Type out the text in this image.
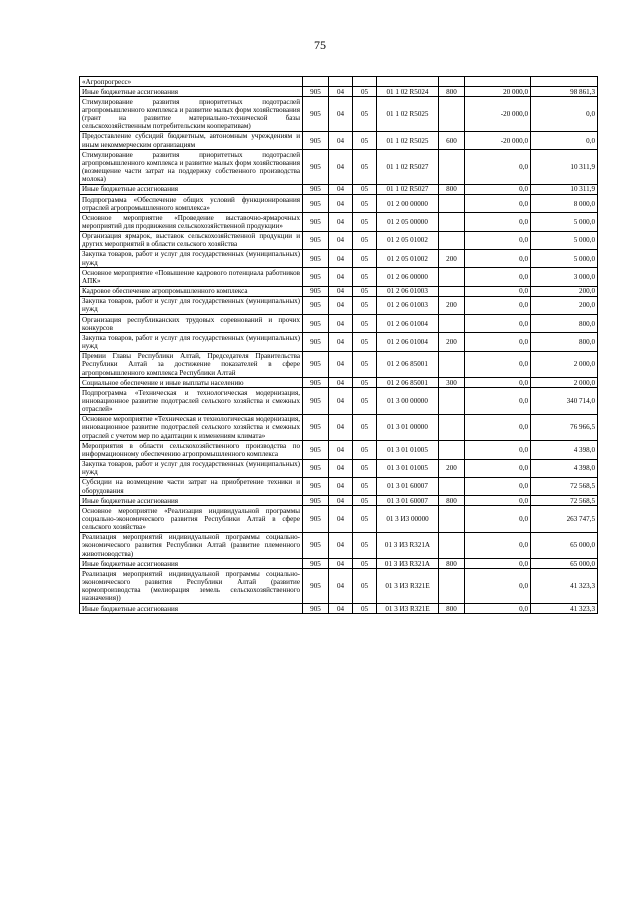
75
«Агропрогресс»							
Иные бюджетные ассигнования	905	04	05	01 1 02 R5024	800	20 000,0	98 861,3
Стимулирование развития приоритетных подотраслей агропромышленного комплекса и развитие малых форм хозяйствования (грант на развитие материально-технической базы сельскохозяйственным потребительским кооперативам)	905	04	05	01 1 02 R5025		-20 000,0	0,0
Предоставление субсидий бюджетным, автономным учреждениям и иным некоммерческим организациям	905	04	05	01 1 02 R5025	600	-20 000,0	0,0
Стимулирование развития приоритетных подотраслей агропромышленного комплекса и развитие малых форм хозяйствования (возмещение части затрат на поддержку собственного производства молока)	905	04	05	01 1 02 R5027		0,0	10 311,9
Иные бюджетные ассигнования	905	04	05	01 1 02 R5027	800	0,0	10 311,9
Подпрограмма «Обеспечение общих условий функционирования отраслей агропромышленного комплекса»	905	04	05	01 2 00 00000		0,0	8 000,0
Основное мероприятие «Проведение выставочно-ярмарочных мероприятий для продвижения сельскохозяйственной продукции»	905	04	05	01 2 05 00000		0,0	5 000,0
Организация ярмарок, выставок сельскохозяйственной продукции и других мероприятий в области сельского хозяйства	905	04	05	01 2 05 01002		0,0	5 000,0
Закупка товаров, работ и услуг для государственных (муниципальных) нужд	905	04	05	01 2 05 01002	200	0,0	5 000,0
Основное мероприятие «Повышение кадрового потенциала работников АПК»	905	04	05	01 2 06 00000		0,0	3 000,0
Кадровое обеспечение агропромышленного комплекса	905	04	05	01 2 06 01003		0,0	200,0
Закупка товаров, работ и услуг для государственных (муниципальных) нужд	905	04	05	01 2 06 01003	200	0,0	200,0
Организация республиканских трудовых соревнований и прочих конкурсов	905	04	05	01 2 06 01004		0,0	800,0
Закупка товаров, работ и услуг для государственных (муниципальных) нужд	905	04	05	01 2 06 01004	200	0,0	800,0
Премии Главы Республики Алтай, Председателя Правительства Республики Алтай за достижение показателей в сфере агропромышленного комплекса Республики Алтай	905	04	05	01 2 06 85001		0,0	2 000,0
Социальное обеспечение и иные выплаты населению	905	04	05	01 2 06 85001	300	0,0	2 000,0
Подпрограмма «Техническая и технологическая модернизация, инновационное развитие подотраслей сельского хозяйства и смежных отраслей»	905	04	05	01 3 00 00000		0,0	340 714,0
Основное мероприятие «Техническая и технологическая модернизация, инновационное развитие подотраслей сельского хозяйства и смежных отраслей с учетом мер по адаптации к изменениям климата»	905	04	05	01 3 01 00000		0,0	76 966,5
Мероприятия в области сельскохозяйственного производства по информационному обеспечению агропромышленного комплекса	905	04	05	01 3 01 01005		0,0	4 398,0
Закупка товаров, работ и услуг для государственных (муниципальных) нужд	905	04	05	01 3 01 01005	200	0,0	4 398,0
Субсидии на возмещение части затрат на приобретение техники и оборудования	905	04	05	01 3 01 60007		0,0	72 568,5
Иные бюджетные ассигнования	905	04	05	01 3 01 60007	800	0,0	72 568,5
Основное мероприятие «Реализация индивидуальной программы социально-экономического развития Республики Алтай в сфере сельского хозяйства»	905	04	05	01 3 И3 00000		0,0	263 747,5
Реализация мероприятий индивидуальной программы социально-экономического развития Республики Алтай (развитие племенного животноводства)	905	04	05	01 3 И3 R321А		0,0	65 000,0
Иные бюджетные ассигнования	905	04	05	01 3 И3 R321А	800	0,0	65 000,0
Реализация мероприятий индивидуальной программы социально-экономического развития Республики Алтай (развитие кормопроизводства (мелиорация земель сельскохозяйственного назначения))	905	04	05	01 3 И3 R321Е		0,0	41 323,3
Иные бюджетные ассигнования	905	04	05	01 3 И3 R321Е	800	0,0	41 323,3
